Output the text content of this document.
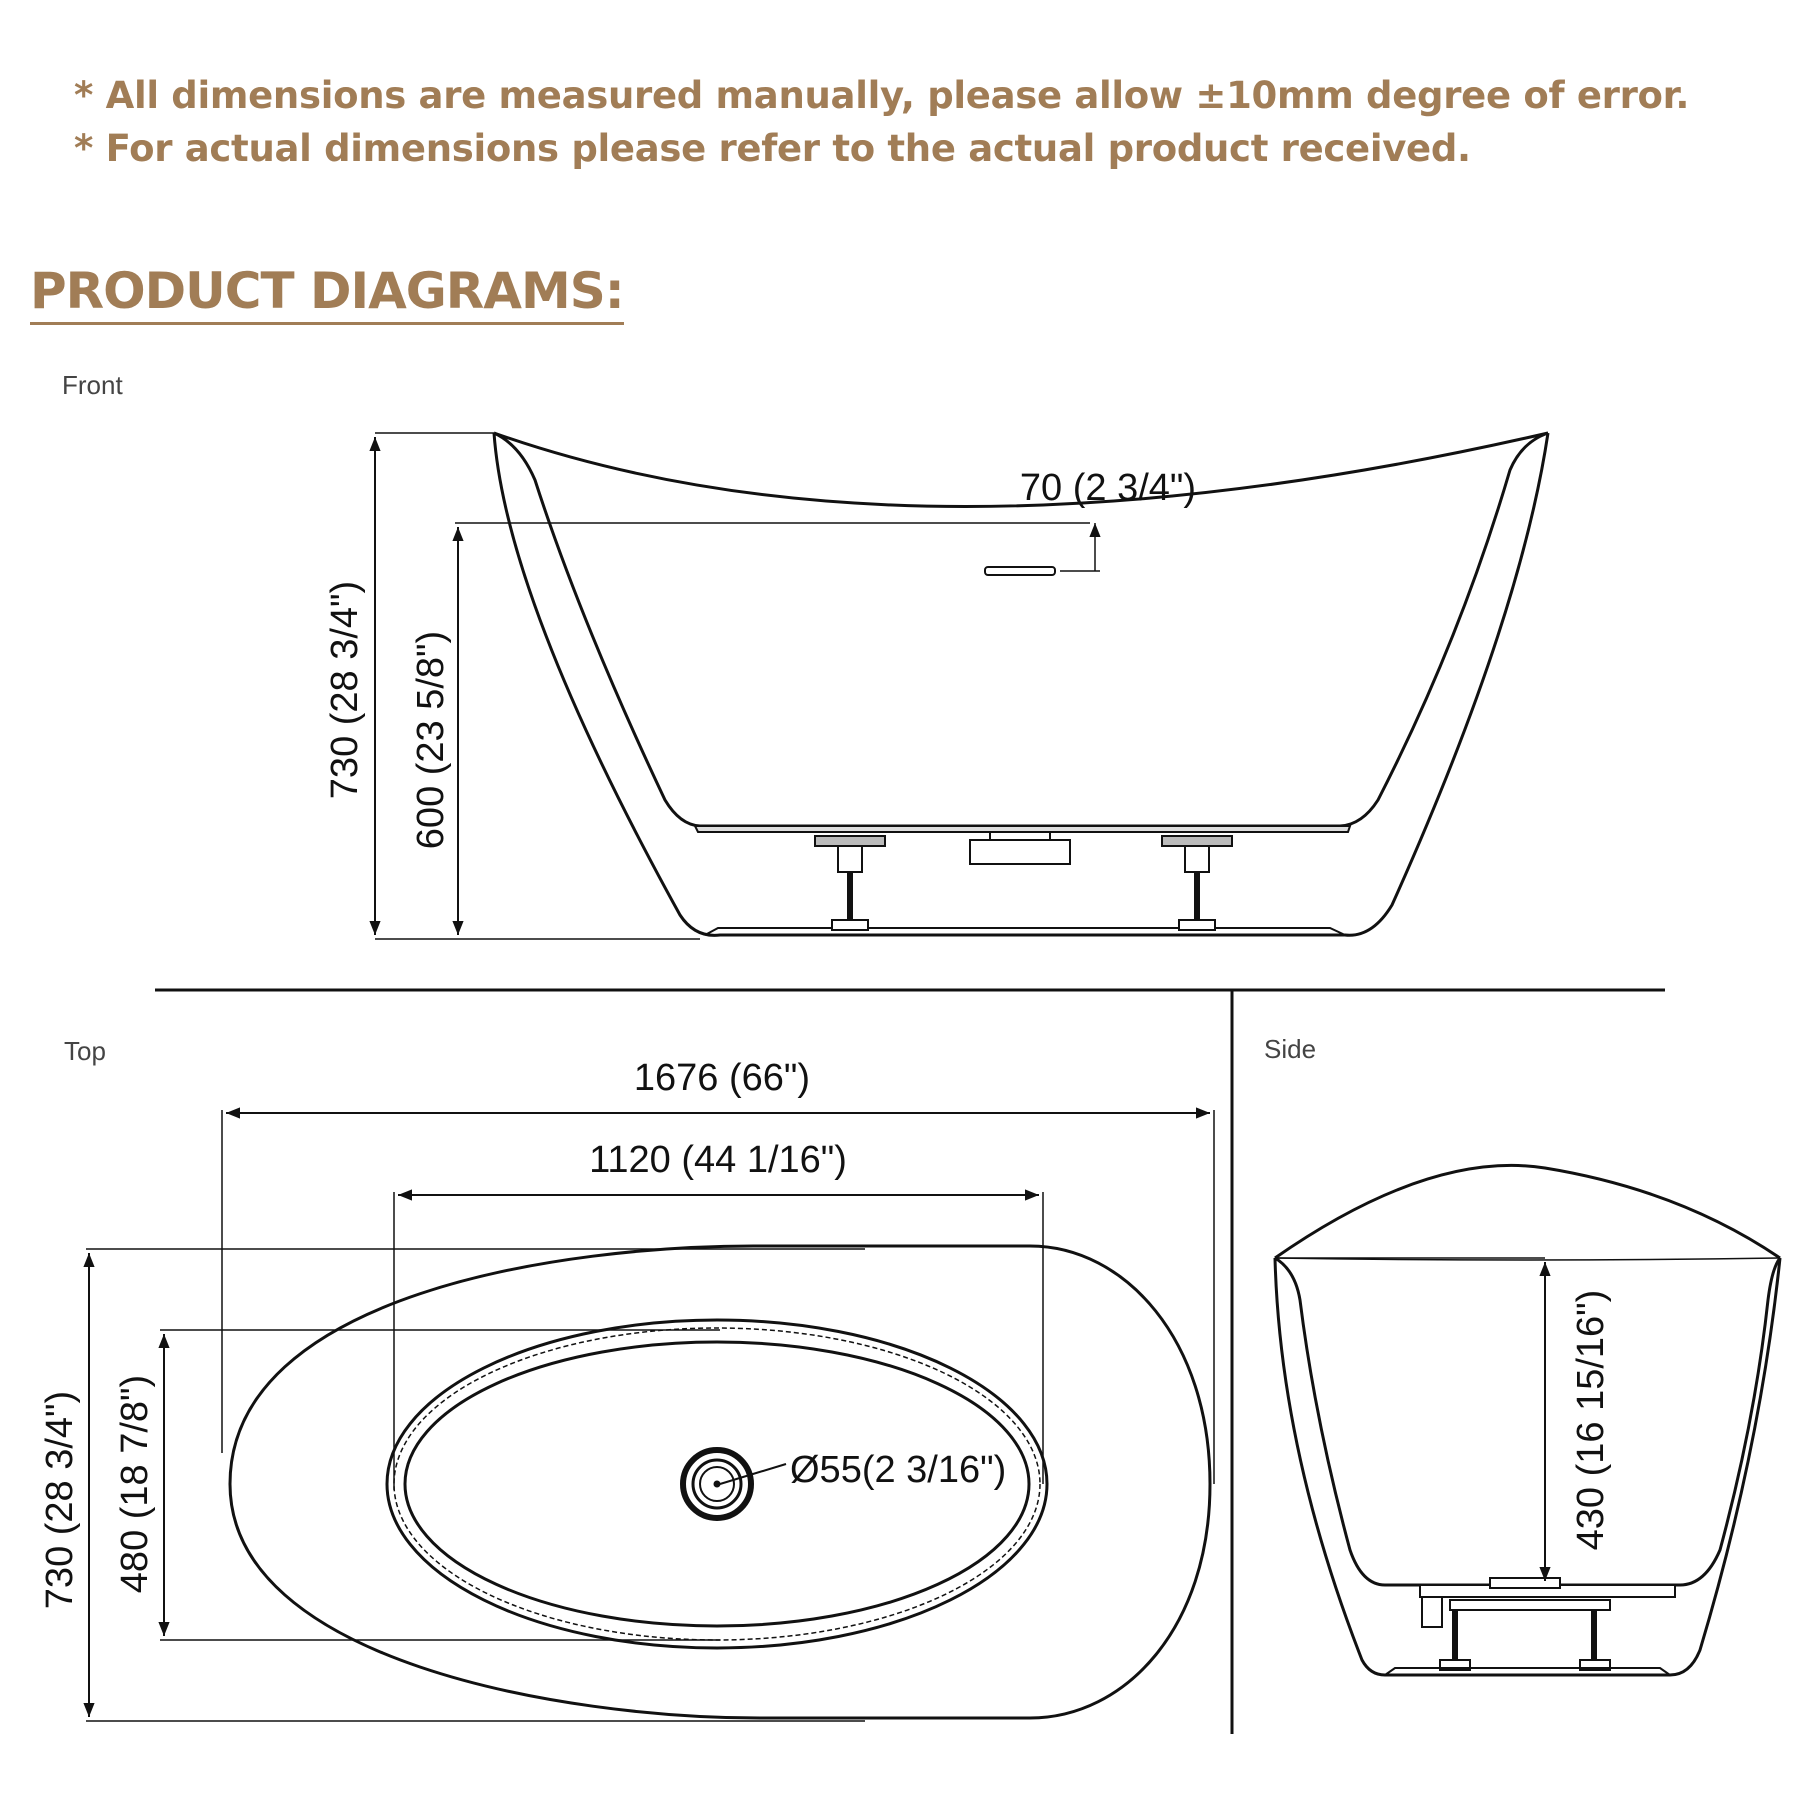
* All dimensions are measured manually, please allow ±10mm degree of error.
* For actual dimensions please refer to the actual product received.
PRODUCT DIAGRAMS:
Front
Top	Side
730 (28 3/4") 600 (23 5/8")
70 (2 3/4")
1676 (66")
1120 (44 1/16")
730 (28 3/4") 480 (18 7/8")	Ø55(2 3/16")	430 (16 15/16")
